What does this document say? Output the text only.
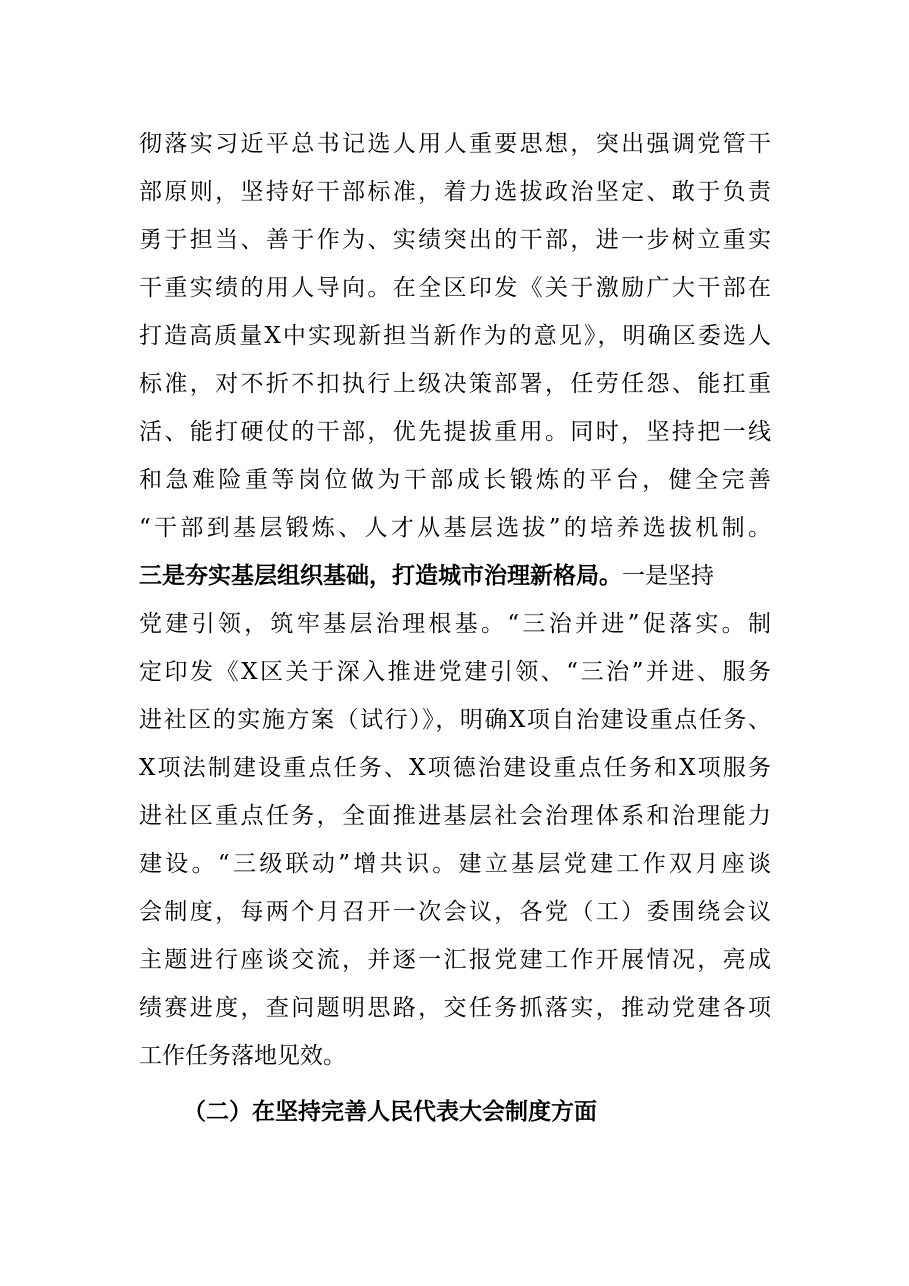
彻落实习近平总书记选人用人重要思想，突出强调党管干
部原则，坚持好干部标准，着力选拔政治坚定、敢于负责
勇于担当、善于作为、实绩突出的干部，进一步树立重实
干重实绩的用人导向。在全区印发《关于激励广大干部在
打造高质量X中实现新担当新作为的意见》，明确区委选人
标准，对不折不扣执行上级决策部署，任劳任怨、能扛重
活、能打硬仗的干部，优先提拔重用。同时，坚持把一线
和急难险重等岗位做为干部成长锻炼的平台，健全完善
“干部到基层锻炼、人才从基层选拔”的培养选拔机制。
三是夯实基层组织基础，打造城市治理新格局。一是坚持
党建引领，筑牢基层治理根基。“三治并进”促落实。制
定印发《X区关于深入推进党建引领、“三治”并进、服务
进社区的实施方案（试行）》，明确X项自治建设重点任务、
X项法制建设重点任务、X项德治建设重点任务和X项服务
进社区重点任务，全面推进基层社会治理体系和治理能力
建设。“三级联动”增共识。建立基层党建工作双月座谈
会制度，每两个月召开一次会议，各党（工）委围绕会议
主题进行座谈交流，并逐一汇报党建工作开展情况，亮成
绩赛进度，查问题明思路，交任务抓落实，推动党建各项
工作任务落地见效。
（二）在坚持完善人民代表大会制度方面
